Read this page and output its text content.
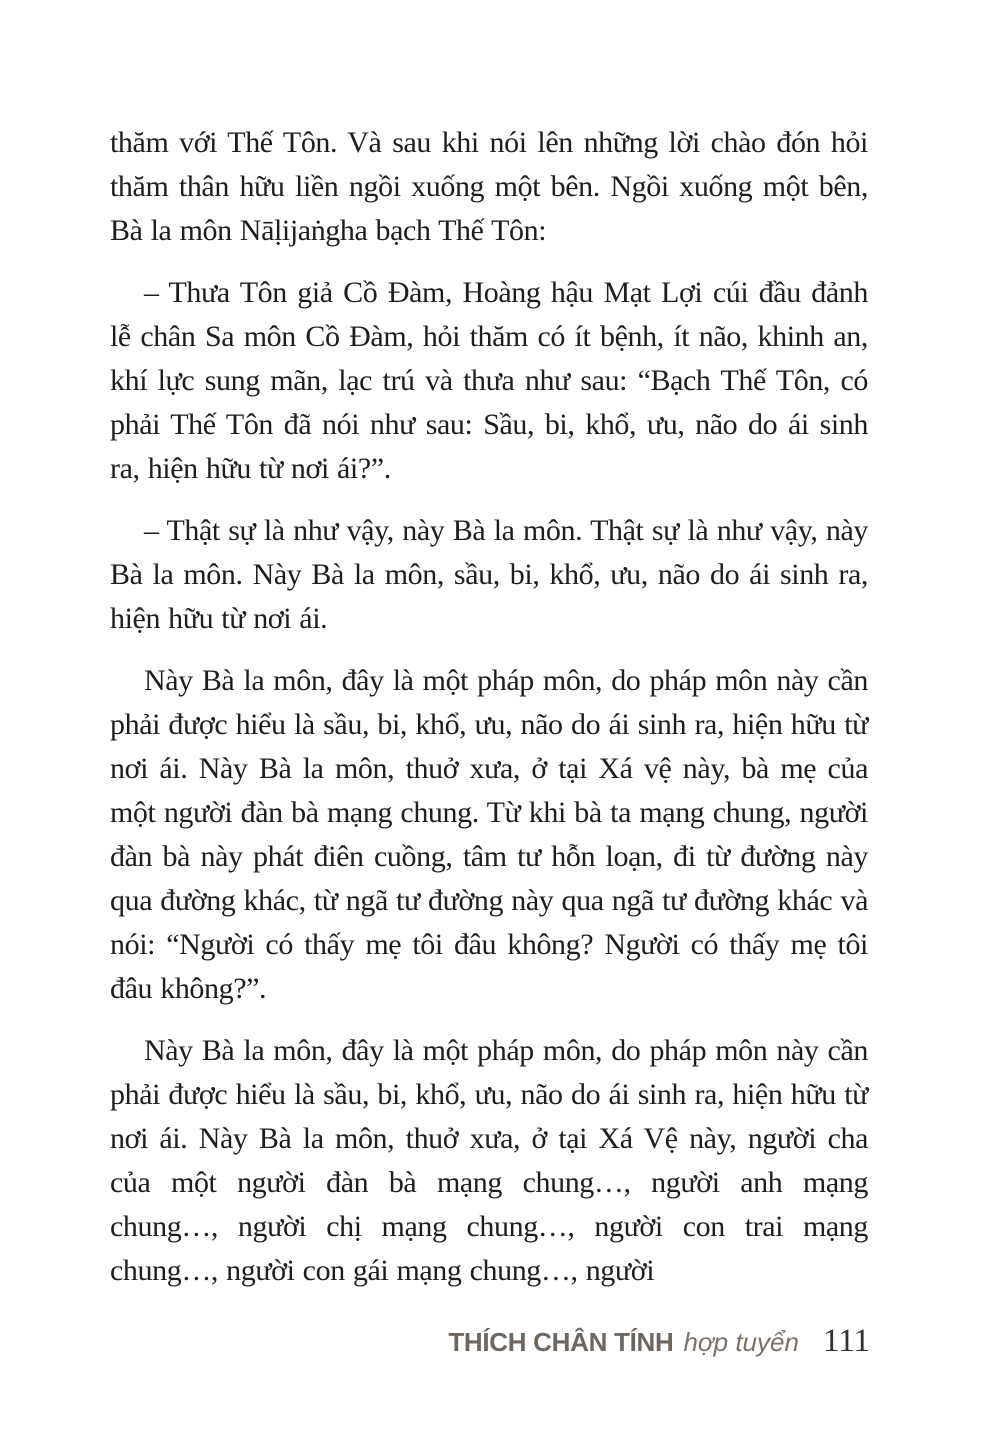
thăm với Thế Tôn. Và sau khi nói lên những lời chào đón hỏi thăm thân hữu liền ngồi xuống một bên. Ngồi xuống một bên, Bà la môn Nāḷijaṅgha bạch Thế Tôn:

– Thưa Tôn giả Cồ Đàm, Hoàng hậu Mạt Lợi cúi đầu đảnh lễ chân Sa môn Cồ Đàm, hỏi thăm có ít bệnh, ít não, khinh an, khí lực sung mãn, lạc trú và thưa như sau: “Bạch Thế Tôn, có phải Thế Tôn đã nói như sau: Sầu, bi, khổ, ưu, não do ái sinh ra, hiện hữu từ nơi ái?”.

– Thật sự là như vậy, này Bà la môn. Thật sự là như vậy, này Bà la môn. Này Bà la môn, sầu, bi, khổ, ưu, não do ái sinh ra, hiện hữu từ nơi ái.

Này Bà la môn, đây là một pháp môn, do pháp môn này cần phải được hiểu là sầu, bi, khổ, ưu, não do ái sinh ra, hiện hữu từ nơi ái. Này Bà la môn, thuở xưa, ở tại Xá vệ này, bà mẹ của một người đàn bà mạng chung. Từ khi bà ta mạng chung, người đàn bà này phát điên cuồng, tâm tư hỗn loạn, đi từ đường này qua đường khác, từ ngã tư đường này qua ngã tư đường khác và nói: “Người có thấy mẹ tôi đâu không? Người có thấy mẹ tôi đâu không?”.

Này Bà la môn, đây là một pháp môn, do pháp môn này cần phải được hiểu là sầu, bi, khổ, ưu, não do ái sinh ra, hiện hữu từ nơi ái. Này Bà la môn, thuở xưa, ở tại Xá Vệ này, người cha của một người đàn bà mạng chung…, người anh mạng chung…, người chị mạng chung…, người con trai mạng chung…, người con gái mạng chung…, người

THÍCH CHÂN TÍNH hợp tuyển 111
